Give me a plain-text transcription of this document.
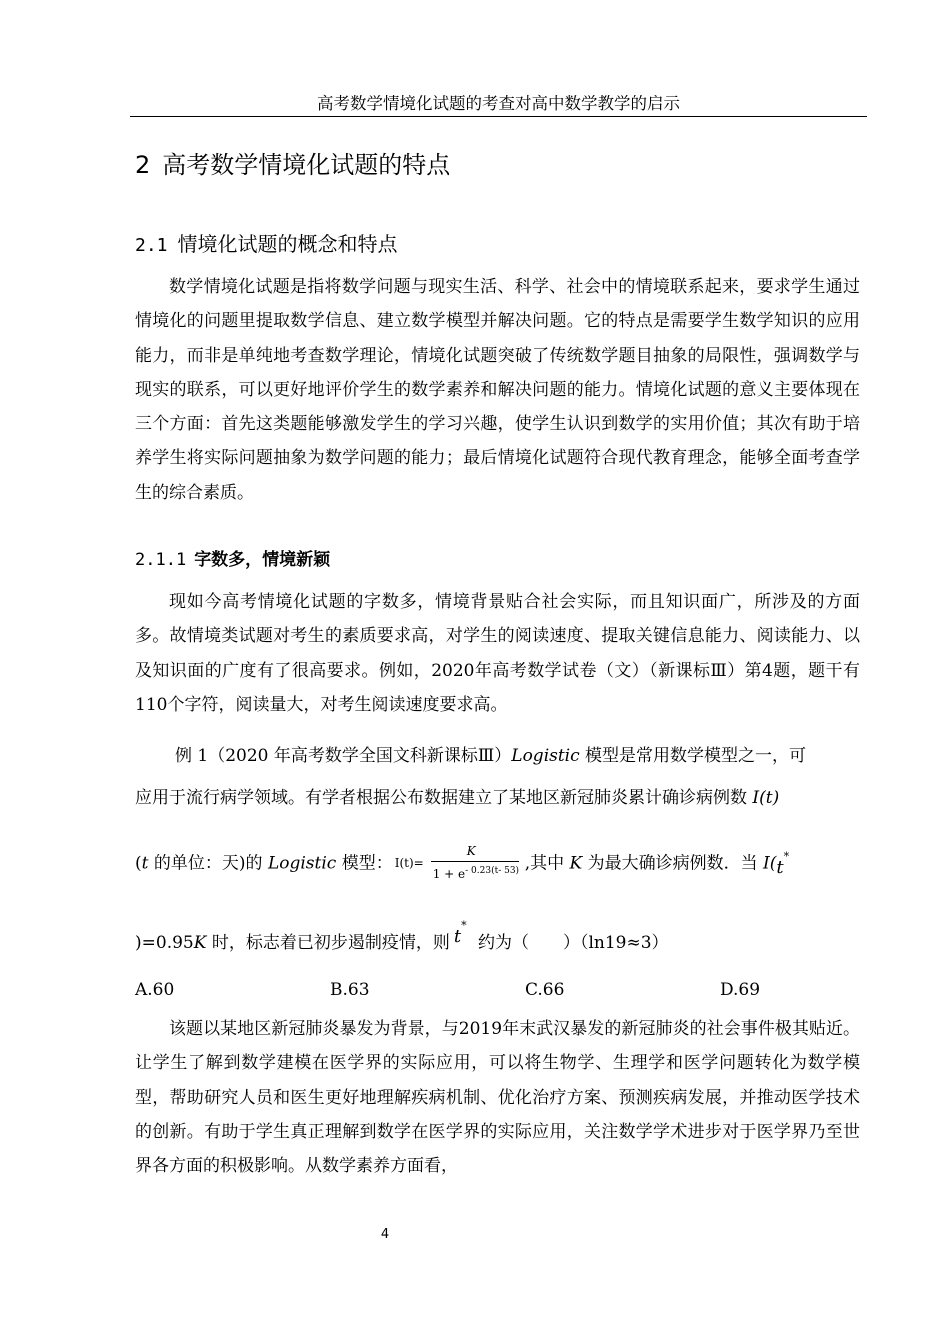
高考数学情境化试题的考查对高中数学教学的启示
2 高考数学情境化试题的特点
2.1 情境化试题的概念和特点
数学情境化试题是指将数学问题与现实生活、科学、社会中的情境联系起来，要求学生通过情境化的问题里提取数学信息、建立数学模型并解决问题。它的特点是需要学生数学知识的应用能力，而非是单纯地考查数学理论，情境化试题突破了传统数学题目抽象的局限性，强调数学与现实的联系，可以更好地评价学生的数学素养和解决问题的能力。情境化试题的意义主要体现在三个方面：首先这类题能够激发学生的学习兴趣，使学生认识到数学的实用价值；其次有助于培养学生将实际问题抽象为数学问题的能力；最后情境化试题符合现代教育理念，能够全面考查学生的综合素质。
2.1.1 字数多，情境新颖
现如今高考情境化试题的字数多，情境背景贴合社会实际，而且知识面广，所涉及的方面多。故情境类试题对考生的素质要求高，对学生的阅读速度、提取关键信息能力、阅读能力、以及知识面的广度有了很高要求。例如，2020年高考数学试卷（文）（新课标Ⅲ）第4题，题干有110个字符，阅读量大，对考生阅读速度要求高。
例 1（2020 年高考数学全国文科新课标Ⅲ）Logistic 模型是常用数学模型之一，可
应用于流行病学领域。有学者根据公布数据建立了某地区新冠肺炎累计确诊病例数 I(t)
(t 的单位：天)的 Logistic 模型： I(t)=
K
$1 + e^{- 0.23(t- 53)}$ ,其中 K 为最大确诊病例数．当 I(t*
)=0.95K 时，标志着已初步遏制疫情，则 t* 约为（　　）（ln19≈3）
A.60	B.63	C.66	D.69
该题以某地区新冠肺炎暴发为背景，与2019年末武汉暴发的新冠肺炎的社会事件极其贴近。让学生了解到数学建模在医学界的实际应用，可以将生物学、生理学和医学问题转化为数学模型，帮助研究人员和医生更好地理解疾病机制、优化治疗方案、预测疾病发展，并推动医学技术的创新。有助于学生真正理解到数学在医学界的实际应用，关注数学学术进步对于医学界乃至世界各方面的积极影响。从数学素养方面看，
4
